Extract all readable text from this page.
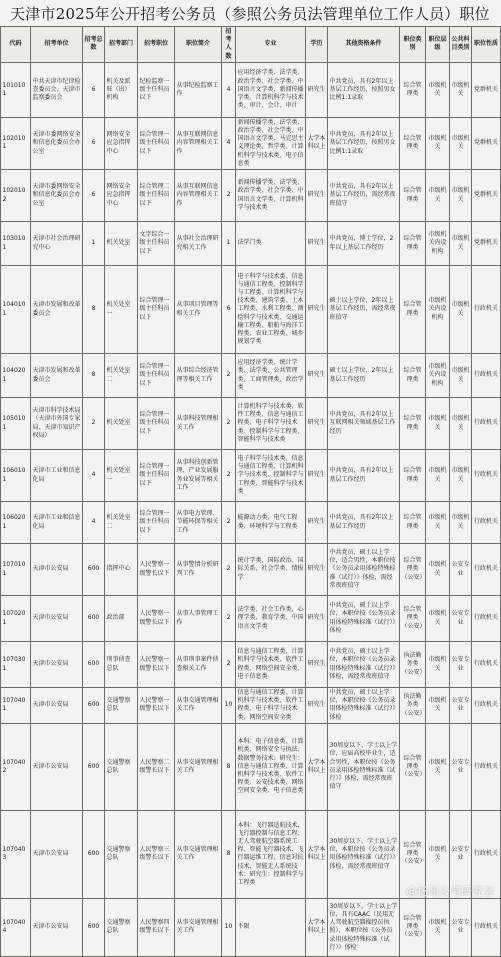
天津市2025年公开招考公务员（参照公务员法管理单位工作人员）职位
代码	招考单位	招考总数	招考部门	招考职位	职位简介	招考人数	专业	学历	其他资格条件	职位类别	职位层级	公共科目类别	职位性质
1010101	中共天津市纪律检查委员会、天津市监察委员会	6	机关及派驻（出）机构	纪检监察一级主任科员以下	从事纪检监察工作	4	应用经济学类、法学类、政治学类、社会学类、中国语言文学类、新闻传播学类、计算机科学与技术类、审计、会计、审计	研究生	中共党员，具有2年以上基层工作经历，按照男女比例1:1录取	综合管理类	市级机关	市级机关	党群机关
1020101	天津市委网络安全和信息化委员会办公室	6	网络安全应急指挥中心	综合管理一级主任科员以下	从事互联网信息内容管理相关工作	4	新闻传播学类、法学类、政治学类、社会学类、中国语言文学类、马克思主义理论类、哲学类、计算机科学与技术类、电子信息类	大学本科以上	中共党员，具有2年以上基层工作经历，按照男女比例1:1录取	综合管理类	市级机关	市级机关	党群机关
1020102	天津市委网络安全和信息化委员会办公室	6	网络安全应急指挥中心	综合管理二级主任科员以下	从事互联网信息内容管理相关工作	2	新闻传播学类、法学类、政治学类、社会学类、中国语言文学类、计算机科学与技术类	研究生	中共党员，具有2年以上基层工作经历，需经常夜班值守	综合管理类	市级机关	市级机关	党群机关
1030101	天津市社会治理研究中心	1	机关处室	文字综合一级主任科员以下	从事社会治理研究相关工作	1	法学门类	研究生	中共党员，博士学位，2年以上基层工作经历	综合管理类	市级机关内设机构	市级机关	党群机关
1040101	天津市发展和改革委员会	8	机关处室一	综合管理一级主任科员以下	从事项目管理等相关工作	6	电子科学与技术类、信息与通信工程类、控制科学与工程类、计算机科学与技术类、建筑学类、土木工程类、水利工程类、测绘科学与技术类、交通运输工程类、船舶与海洋工程类、农业工程类、城乡规划学类	研究生	硕士以上学位，2年以上基层工作经历，需经常夜班值守	综合管理类	市级机关内设机构	市级机关	行政机关
1040201	天津市发展和改革委员会	8	机关处室二	综合管理一级主任科员以下	从事综合经济管理等相关工作	2	应用经济学类、统计学类、法学类、公共管理类、工商管理类、政治学类	研究生	硕士以上学位，2年以上基层工作经历	综合管理类	市级机关内设机构	市级机关	行政机关
1050101	天津市科学技术局（天津市外国专家局、天津市知识产权局）	2	机关处室	综合管理一级主任科员以下	从事科技管理相关工作	2	计算机科学与技术类、软件工程类、信息与通信工程类、电子科学与技术类、控制科学与工程类、智能科学与技术类	研究生	中共党员，具有2年以上互联网相关领域基层工作经历	综合管理类	市级机关	市级机关	行政机关
1060101	天津市工业和信息化局	4	机关处室一	综合管理一级主任科员以下	从事科技创新管理、产业发展服务业发展等相关工作	2	电子科学与技术类、信息与通信工程类、计算机科学与技术类、控制科学与工程类、智能科学与技术类	研究生	中共党员，具有2年以上基层工作经历	综合管理类	市级机关	市级机关	行政机关
1060201	天津市工业和信息化局	4	机关处室二	综合管理一级主任科员以下	从事电力管理、节能环保等相关工作	2	能源动力类、电气工程类、环境科学与工程类	研究生	中共党员，具有2年以上基层工作经历	综合管理类	市级机关	市级机关	行政机关
1070101	天津市公安局	600	指挥中心	人民警察一级警长以下	从事警情分析研判工作	2	统计学类、国际政治、国际关系、社会学类、情报学	研究生	中共党员，硕士以上学位，适合男性，本职位按《公务员录用体检特殊标准（试行）》体检，需经常夜班值守	综合管理类（公安）	市级机关	公安专业	行政机关
1070201	天津市公安局	600	政治部	人民警察一级警长以下	从事人事管理工作	2	法学类、社会工作类、心理学类、教育学类、中国语言文学类	研究生	中共党员，硕士以上学位，本职位按《公务员录用体检特殊标准（试行）》体检	综合管理类（公安）	市级机关	公安专业	行政机关
1070301	天津市公安局	600	刑事侦查总队	人民警察一级警长以下	从事刑事案件侦查相关工作	2	信息与通信工程类、计算机科学与技术类、软件工程类、网络空间安全类、电子信息类	研究生	中共党员，硕士以上学位，本职位按《公务员录用体检特殊标准（试行）》体检，需经常夜班值守	执法勤务类（公安）	市级机关	公安专业	行政机关
1070401	天津市公安局	600	交通警察总队	人民警察一级警长以下	从事交通管理相关工作	10	信息与通信工程类、计算机科学与技术类、软件工程类、电子科学与技术类、网络空间安全类	研究生	中共党员，硕士以上学位，本职位按《公务员录用体检特殊标准（试行）》体检	执法勤务类（公安）	市级机关	公安专业	行政机关
1070402	天津市公安局	600	交通警察总队	人民警察二级警长以下	从事交通管理相关工作	8	本科：电子信息类、计算机类、网络安全与执法、数据警务技术；研究生：信息与通信工程类、计算机科学与技术类、软件工程类、公安技术类、网络空间安全类、电子信息类	大学本科以上	30周岁以下，学士以上学位，应届高校毕业生，适合男性，本职位按《公务员录用体检特殊标准（试行）》体检，需经常夜班值守	综合管理类（公安）	市级机关	公安专业	行政机关
1070403	天津市公安局	600	交通警察总队	人民警察三级警长以下	从事交通管理相关工作	8	本科：飞行器适航技术、飞行器控制与信息工程、无人驾驶航空器系统工程、智能飞行器技术、飞行器运维工程、信息对抗技术、智能无人系统技术；研究生：控制科学与工程类	大学本科以上	30周岁以下，学士以上学位，本职位按《公务员录用体检特殊标准（试行）》体检，需经常夜班值守	综合管理类（公安）	市级机关	公安专业	行政机关
1070404	天津市公安局	600	交通警察总队	人民警察四级警长以下	从事交通管理相关工作	10	不限	大学本科以上	30周岁以下，学士以上学位，具有CAAC（民用无人驾驶航空器操控员执照），本职位按《公务员录用体检特殊标准（试行）》体检	综合管理类（公安）	市级机关	公安专业	行政机关
@扬州公考研究会
